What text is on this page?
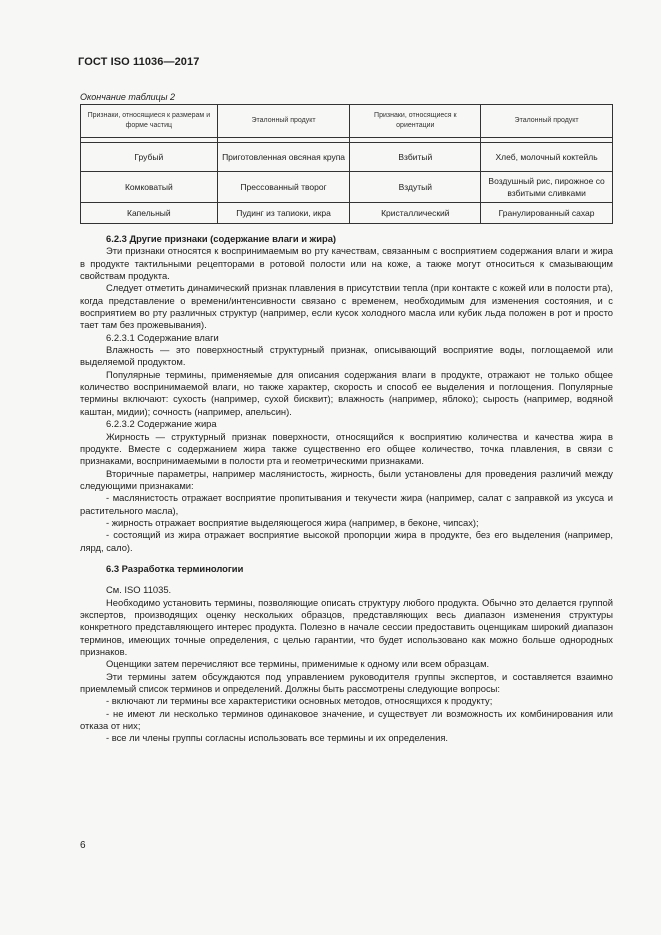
ГОСТ ISO 11036—2017
Окончание таблицы 2
Признаки, относящиеся к размерам и форме частиц	Эталонный продукт	Признаки, относящиеся к ориентации	Эталонный продукт

Грубый	Приготовленная овсяная крупа	Взбитый	Хлеб, молочный коктейль
Комковатый	Прессованный творог	Вздутый	Воздушный рис, пирожное со взбитыми сливками
Капельный	Пудинг из тапиоки, икра	Кристаллический	Гранулированный сахар

6.2.3 Другие признаки (содержание влаги и жира)

Эти признаки относятся к воспринимаемым во рту качествам, связанным с восприятием содержания влаги и жира в продукте тактильными рецепторами в ротовой полости или на коже, а также могут относиться к смазывающим свойствам продукта.

Следует отметить динамический признак плавления в присутствии тепла (при контакте с кожей или в полости рта), когда представление о времени/интенсивности связано с временем, необходимым для изменения состояния, и с восприятием во рту различных структур (например, если кусок холодного масла или кубик льда положен в рот и просто тает там без прожевывания).

6.2.3.1 Содержание влаги

Влажность — это поверхностный структурный признак, описывающий восприятие воды, поглощаемой или выделяемой продуктом.

Популярные термины, применяемые для описания содержания влаги в продукте, отражают не только общее количество воспринимаемой влаги, но также характер, скорость и способ ее выделения и поглощения. Популярные термины включают: сухость (например, сухой бисквит); влажность (например, яблоко); сырость (например, водяной каштан, мидии); сочность (например, апельсин).

6.2.3.2 Содержание жира

Жирность — структурный признак поверхности, относящийся к восприятию количества и качества жира в продукте. Вместе с содержанием жира также существенно его общее количество, точка плавления, в связи с признаками, воспринимаемыми в полости рта и геометрическими признаками.

Вторичные параметры, например маслянистость, жирность, были установлены для проведения различий между следующими признаками:

- маслянистость отражает восприятие пропитывания и текучести жира (например, салат с заправкой из уксуса и растительного масла),

- жирность отражает восприятие выделяющегося жира (например, в беконе, чипсах);

- состоящий из жира отражает восприятие высокой пропорции жира в продукте, без его выделения (например, лярд, сало).

6.3 Разработка терминологии

См. ISO 11035.

Необходимо установить термины, позволяющие описать структуру любого продукта. Обычно это делается группой экспертов, производящих оценку нескольких образцов, представляющих весь диапазон изменения структуры конкретного представляющего интерес продукта. Полезно в начале сессии предоставить оценщикам широкий диапазон терминов, имеющих точные определения, с целью гарантии, что будет использовано как можно больше однородных признаков.

Оценщики затем перечисляют все термины, применимые к одному или всем образцам.

Эти термины затем обсуждаются под управлением руководителя группы экспертов, и составляется взаимно приемлемый список терминов и определений. Должны быть рассмотрены следующие вопросы:

- включают ли термины все характеристики основных методов, относящихся к продукту;

- не имеют ли несколько терминов одинаковое значение, и существует ли возможность их комбинирования или отказа от них;

- все ли члены группы согласны использовать все термины и их определения.

6
